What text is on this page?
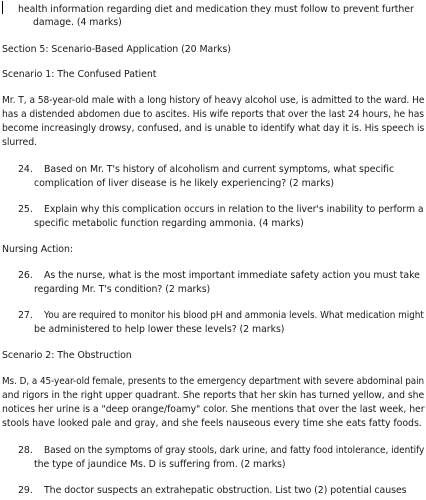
health information regarding diet and medication they must follow to prevent further
damage. (4 marks)
Section 5: Scenario-Based Application (20 Marks)
Scenario 1: The Confused Patient
Mr. T, a 58-year-old male with a long history of heavy alcohol use, is admitted to the ward. He
has a distended abdomen due to ascites. His wife reports that over the last 24 hours, he has
become increasingly drowsy, confused, and is unable to identify what day it is. His speech is
slurred.
24. Based on Mr. T's history of alcoholism and current symptoms, what specific
complication of liver disease is he likely experiencing? (2 marks)
25. Explain why this complication occurs in relation to the liver's inability to perform a
specific metabolic function regarding ammonia. (4 marks)
Nursing Action:
26. As the nurse, what is the most important immediate safety action you must take
regarding Mr. T's condition? (2 marks)
27. You are required to monitor his blood pH and ammonia levels. What medication might
be administered to help lower these levels? (2 marks)
Scenario 2: The Obstruction
Ms. D, a 45-year-old female, presents to the emergency department with severe abdominal pain
and rigors in the right upper quadrant. She reports that her skin has turned yellow, and she
notices her urine is a "deep orange/foamy" color. She mentions that over the last week, her
stools have looked pale and gray, and she feels nauseous every time she eats fatty foods.
28. Based on the symptoms of gray stools, dark urine, and fatty food intolerance, identify
the type of jaundice Ms. D is suffering from. (2 marks)
29. The doctor suspects an extrahepatic obstruction. List two (2) potential causes
